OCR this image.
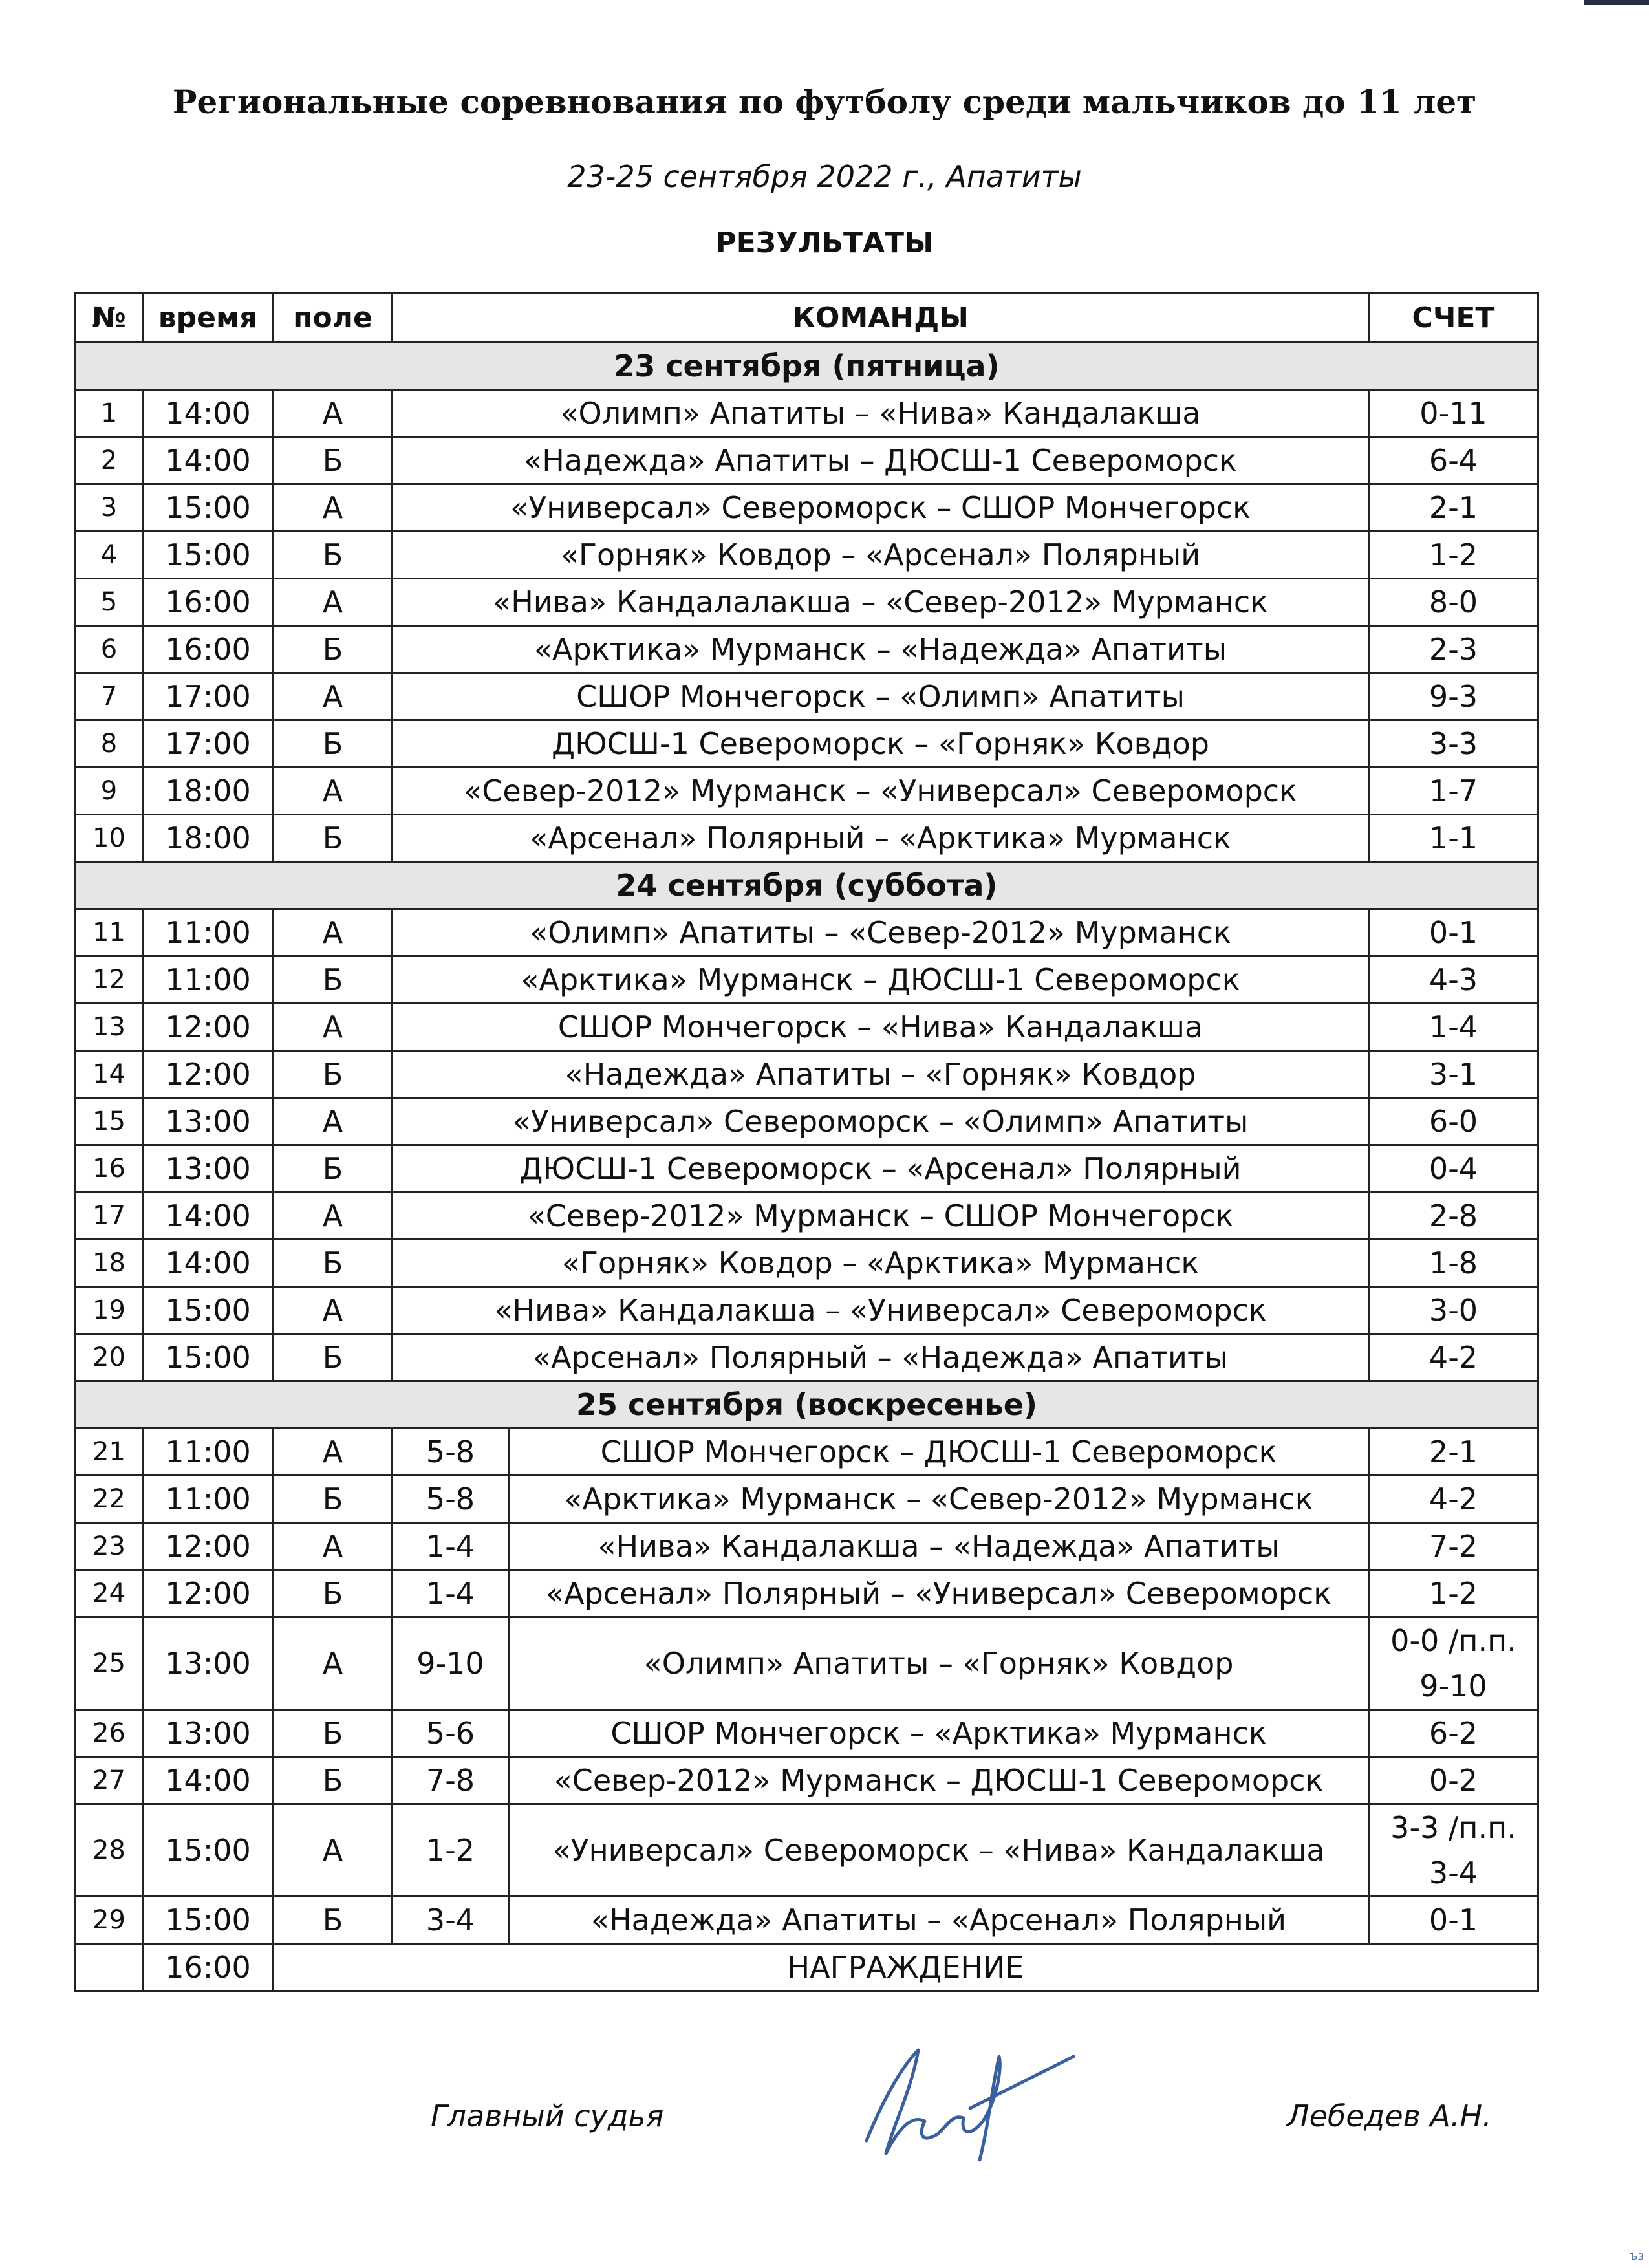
Региональные соревнования по футболу среди мальчиков до 11 лет
23-25 сентября 2022 г., Апатиты
РЕЗУЛЬТАТЫ
№	время	поле	КОМАНДЫ		СЧЕТ
23 сентября (пятница)					
1	14:00	А	«Олимп» Апатиты – «Нива» Кандалакша		0-11
2	14:00	Б	«Надежда» Апатиты – ДЮСШ-1 Североморск		6-4
3	15:00	А	«Универсал» Североморск – СШОР Мончегорск		2-1
4	15:00	Б	«Горняк» Ковдор – «Арсенал» Полярный		1-2
5	16:00	А	«Нива» Кандалалакша – «Север-2012» Мурманск		8-0
6	16:00	Б	«Арктика» Мурманск – «Надежда» Апатиты		2-3
7	17:00	А	СШОР Мончегорск – «Олимп» Апатиты		9-3
8	17:00	Б	ДЮСШ-1 Североморск – «Горняк» Ковдор		3-3
9	18:00	А	«Север-2012» Мурманск – «Универсал» Североморск		1-7
10	18:00	Б	«Арсенал» Полярный – «Арктика» Мурманск		1-1
24 сентября (суббота)					
11	11:00	А	«Олимп» Апатиты – «Север-2012» Мурманск		0-1
12	11:00	Б	«Арктика» Мурманск – ДЮСШ-1 Североморск		4-3
13	12:00	А	СШОР Мончегорск – «Нива» Кандалакша		1-4
14	12:00	Б	«Надежда» Апатиты – «Горняк» Ковдор		3-1
15	13:00	А	«Универсал» Североморск – «Олимп» Апатиты		6-0
16	13:00	Б	ДЮСШ-1 Североморск – «Арсенал» Полярный		0-4
17	14:00	А	«Север-2012» Мурманск – СШОР Мончегорск		2-8
18	14:00	Б	«Горняк» Ковдор – «Арктика» Мурманск		1-8
19	15:00	А	«Нива» Кандалакша – «Универсал» Североморск		3-0
20	15:00	Б	«Арсенал» Полярный – «Надежда» Апатиты		4-2
25 сентября (воскресенье)					
21	11:00	А	5-8	СШОР Мончегорск – ДЮСШ-1 Североморск	2-1
22	11:00	Б	5-8	«Арктика» Мурманск – «Север-2012» Мурманск	4-2
23	12:00	А	1-4	«Нива» Кандалакша – «Надежда» Апатиты	7-2
24	12:00	Б	1-4	«Арсенал» Полярный – «Универсал» Североморск	1-2
25	13:00	А	9-10	«Олимп» Апатиты – «Горняк» Ковдор	0-0 /п.п.
9-10

26	13:00	Б	5-6	СШОР Мончегорск – «Арктика» Мурманск	6-2
27	14:00	Б	7-8	«Север-2012» Мурманск – ДЮСШ-1 Североморск	0-2
28	15:00	А	1-2	«Универсал» Североморск – «Нива» Кандалакша	3-3 /п.п.
3-4

29	15:00	Б	3-4	«Надежда» Апатиты – «Арсенал» Полярный	0-1
	16:00	НАГРАЖДЕНИЕ			
Главный судья	Лебедев А.Н.
ъз
